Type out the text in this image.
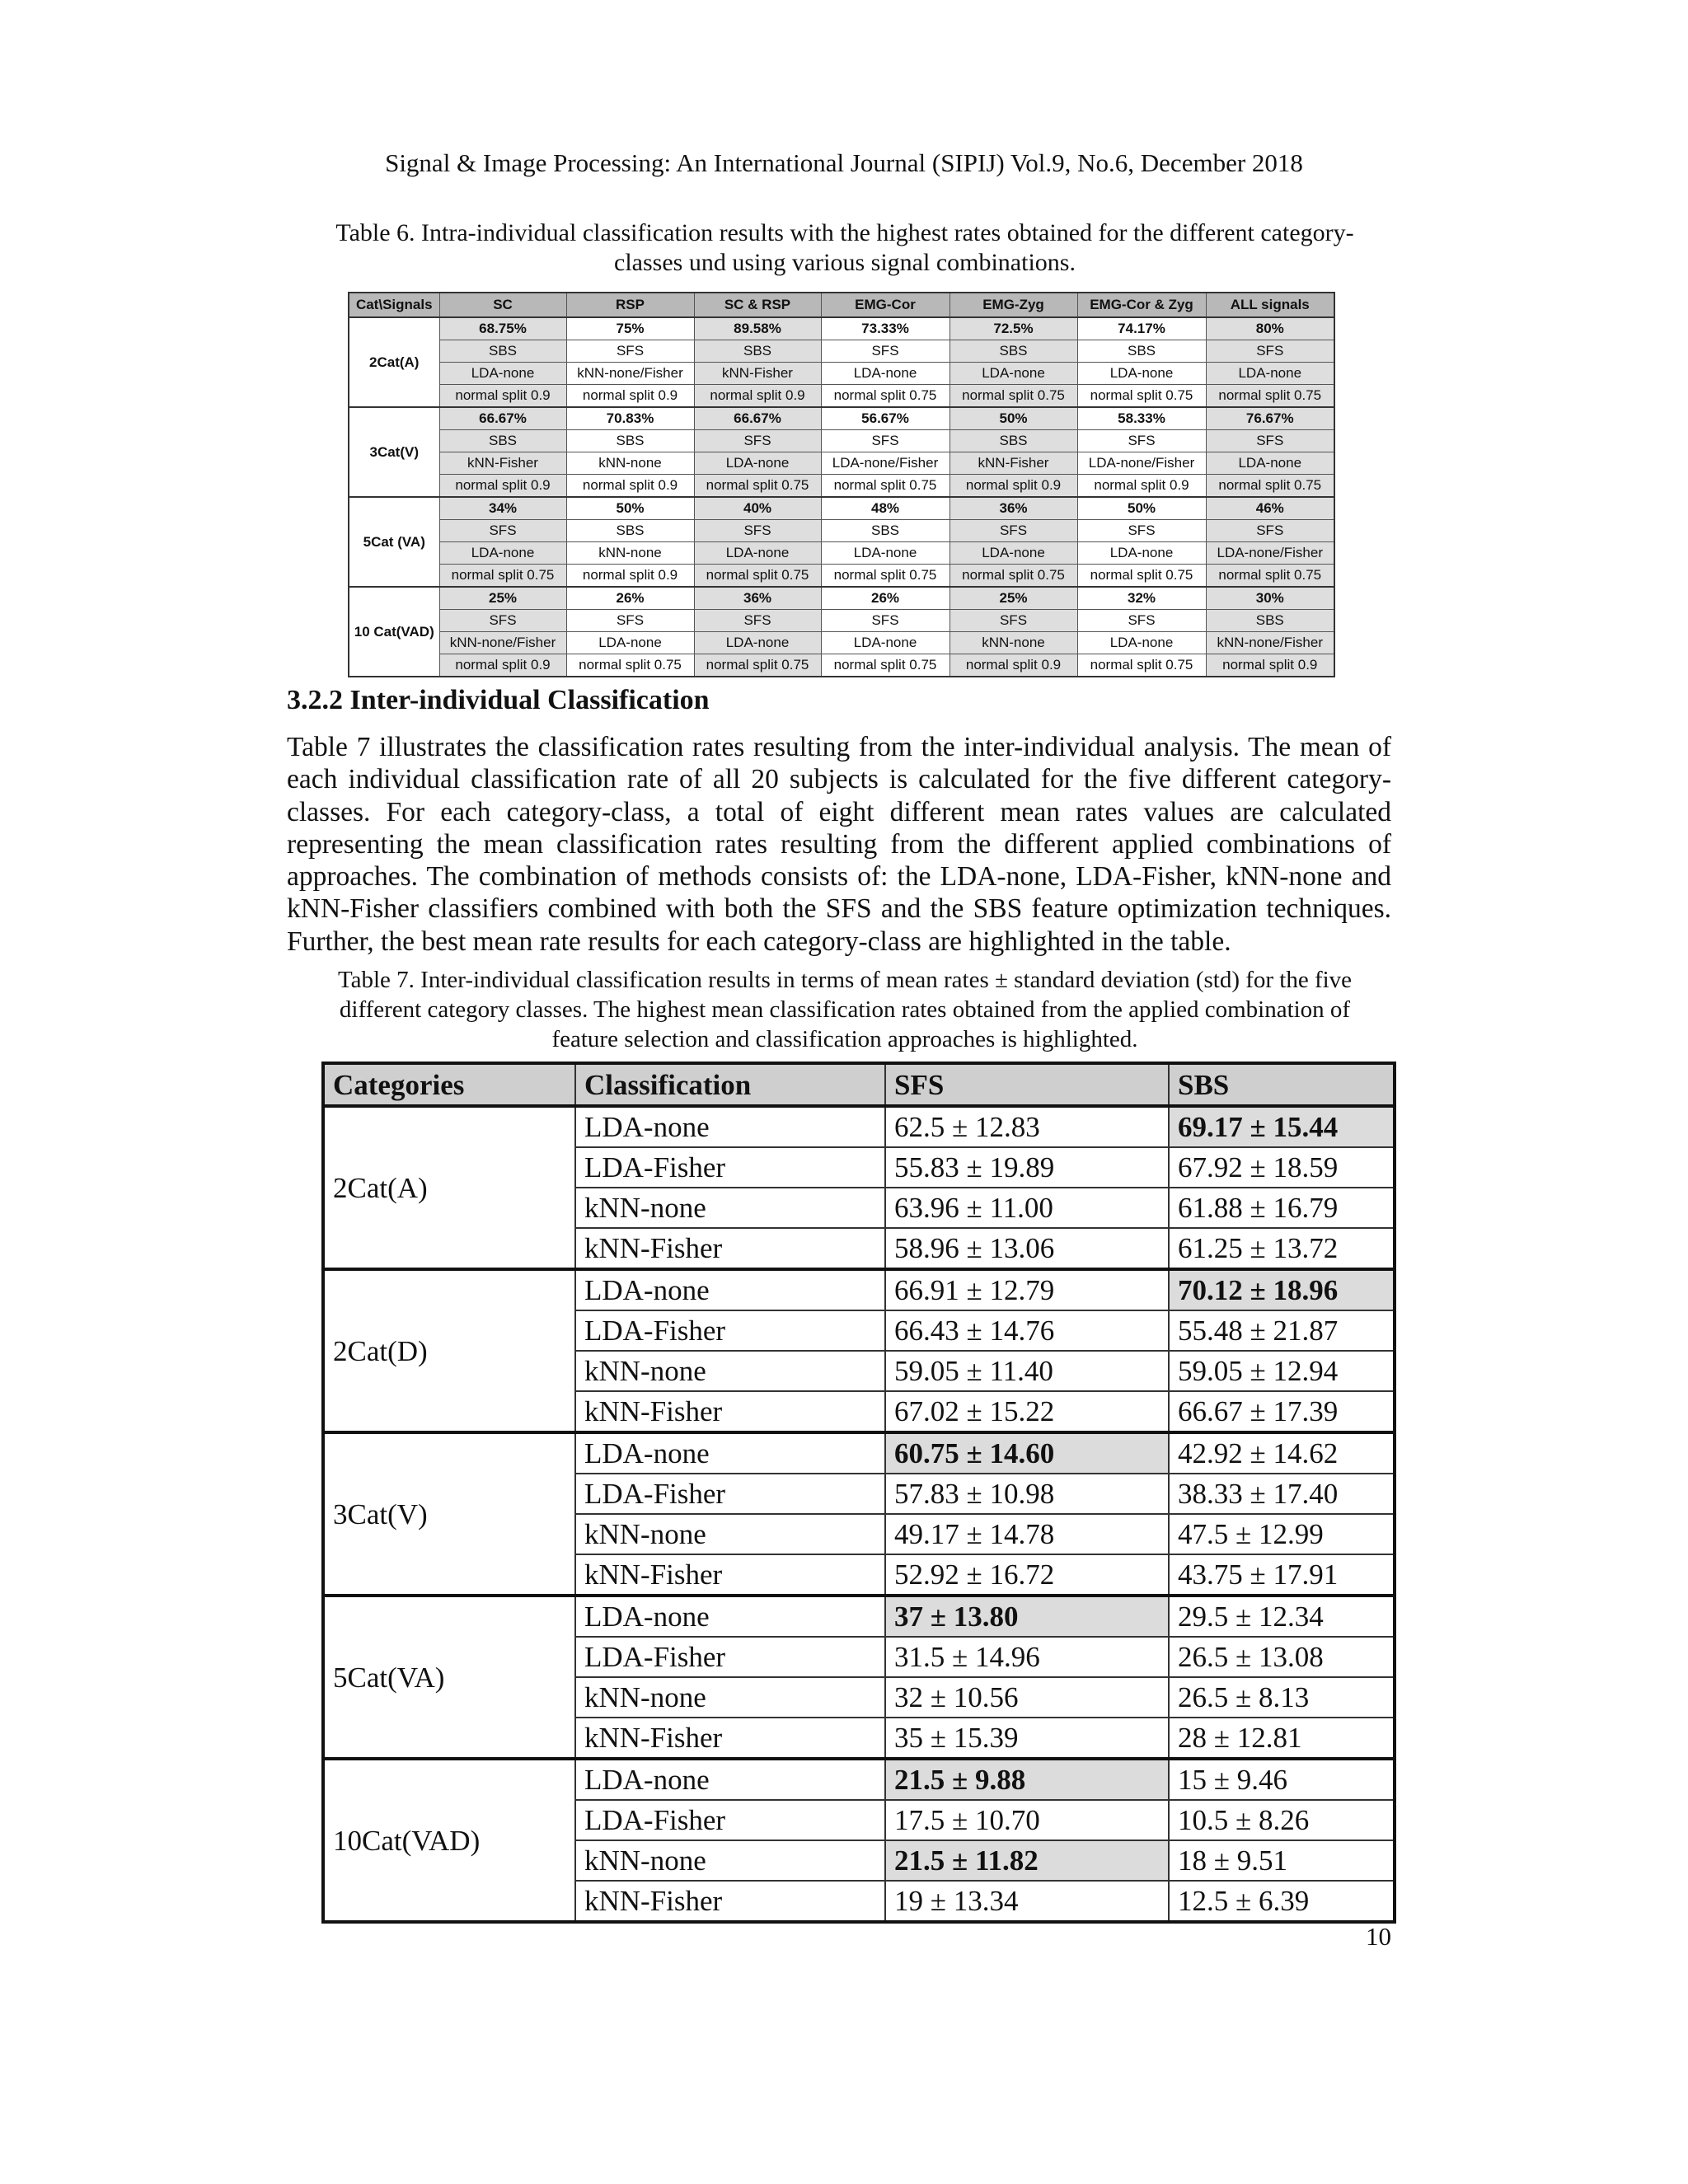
Signal & Image Processing: An International Journal (SIPIJ) Vol.9, No.6, December 2018
Table 6. Intra-individual classification results with the highest rates obtained for the different category-
classes und using various signal combinations.
Cat\Signals	SC	RSP	SC & RSP	EMG-Cor	EMG-Zyg	EMG-Cor & Zyg	ALL signals
2Cat(A)	68.75%	75%	89.58%	73.33%	72.5%	74.17%	80%
	SBS	SFS	SBS	SFS	SBS	SBS	SFS
	LDA-none	kNN-none/Fisher	kNN-Fisher	LDA-none	LDA-none	LDA-none	LDA-none
	normal split 0.9	normal split 0.9	normal split 0.9	normal split 0.75	normal split 0.75	normal split 0.75	normal split 0.75
3Cat(V)	66.67%	70.83%	66.67%	56.67%	50%	58.33%	76.67%
	SBS	SBS	SFS	SFS	SBS	SFS	SFS
	kNN-Fisher	kNN-none	LDA-none	LDA-none/Fisher	kNN-Fisher	LDA-none/Fisher	LDA-none
	normal split 0.9	normal split 0.9	normal split 0.75	normal split 0.75	normal split 0.9	normal split 0.9	normal split 0.75
5Cat (VA)	34%	50%	40%	48%	36%	50%	46%
	SFS	SBS	SFS	SBS	SFS	SFS	SFS
	LDA-none	kNN-none	LDA-none	LDA-none	LDA-none	LDA-none	LDA-none/Fisher
	normal split 0.75	normal split 0.9	normal split 0.75	normal split 0.75	normal split 0.75	normal split 0.75	normal split 0.75
10 Cat(VAD)	25%	26%	36%	26%	25%	32%	30%
	SFS	SFS	SFS	SFS	SFS	SFS	SBS
	kNN-none/Fisher	LDA-none	LDA-none	LDA-none	kNN-none	LDA-none	kNN-none/Fisher
	normal split 0.9	normal split 0.75	normal split 0.75	normal split 0.75	normal split 0.9	normal split 0.75	normal split 0.9
3.2.2 Inter-individual Classification
Table 7 illustrates the classification rates resulting from the inter-individual analysis. The mean of
each individual classification rate of all 20 subjects is calculated for the five different category-
classes. For each category-class, a total of eight different mean rates values are calculated
representing the mean classification rates resulting from the different applied combinations of
approaches. The combination of methods consists of: the LDA-none, LDA-Fisher, kNN-none and
kNN-Fisher classifiers combined with both the SFS and the SBS feature optimization techniques.
Further, the best mean rate results for each category-class are highlighted in the table.
Table 7. Inter-individual classification results in terms of mean rates ± standard deviation (std) for the five
different category classes. The highest mean classification rates obtained from the applied combination of
feature selection and classification approaches is highlighted.
Categories	Classification	SFS	SBS
2Cat(A)	LDA-none	62.5 ± 12.83	69.17 ± 15.44
	LDA-Fisher	55.83 ± 19.89	67.92 ± 18.59
	kNN-none	63.96 ± 11.00	61.88 ± 16.79
	kNN-Fisher	58.96 ± 13.06	61.25 ± 13.72
2Cat(D)	LDA-none	66.91 ± 12.79	70.12 ± 18.96
	LDA-Fisher	66.43 ± 14.76	55.48 ± 21.87
	kNN-none	59.05 ± 11.40	59.05 ± 12.94
	kNN-Fisher	67.02 ± 15.22	66.67 ± 17.39
3Cat(V)	LDA-none	60.75 ± 14.60	42.92 ± 14.62
	LDA-Fisher	57.83 ± 10.98	38.33 ± 17.40
	kNN-none	49.17 ± 14.78	47.5 ± 12.99
	kNN-Fisher	52.92 ± 16.72	43.75 ± 17.91
5Cat(VA)	LDA-none	37 ± 13.80	29.5 ± 12.34
	LDA-Fisher	31.5 ± 14.96	26.5 ± 13.08
	kNN-none	32 ± 10.56	26.5 ± 8.13
	kNN-Fisher	35 ± 15.39	28 ± 12.81
10Cat(VAD)	LDA-none	21.5 ± 9.88	15 ± 9.46
	LDA-Fisher	17.5 ± 10.70	10.5 ± 8.26
	kNN-none	21.5 ± 11.82	18 ± 9.51
	kNN-Fisher	19 ± 13.34	12.5 ± 6.39
10
